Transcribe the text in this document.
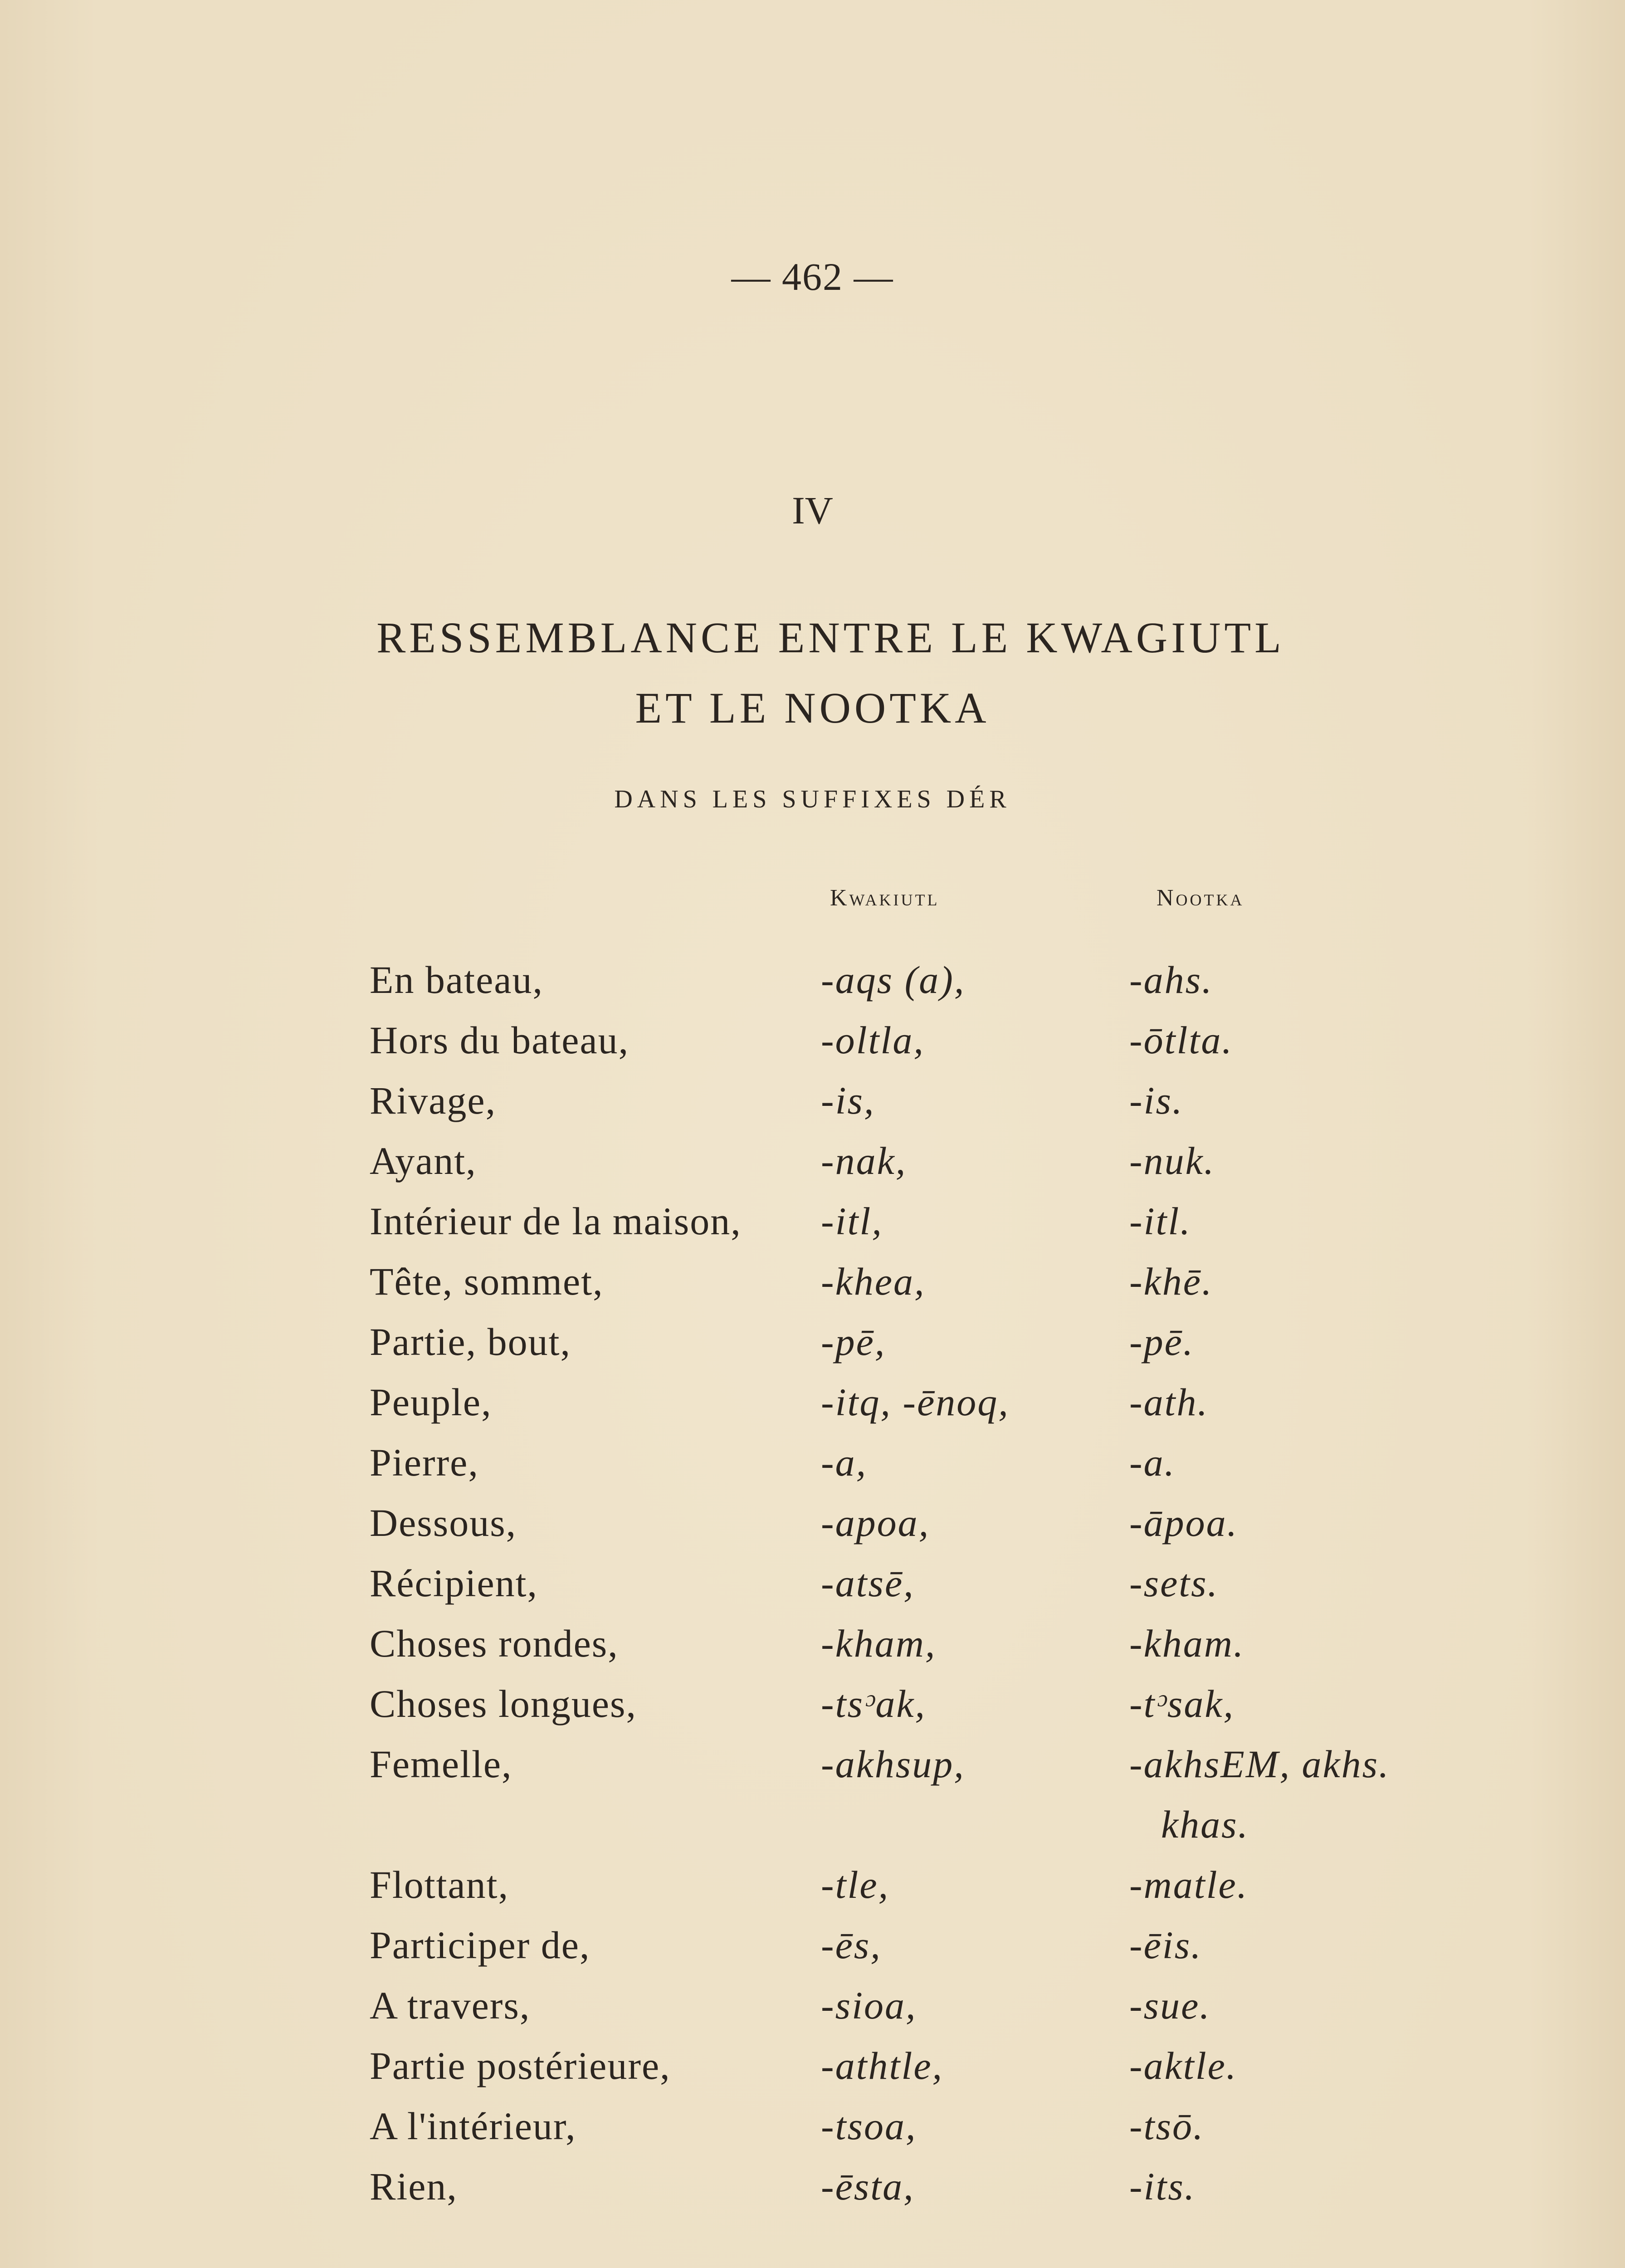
— 462 —
IV
RESSEMBLANCE ENTRE LE KWAGIUTL
ET LE NOOTKA
DANS LES SUFFIXES DÉR
Kwakiutl	Nootka
En bateau,	-aqs (a),	-ahs.
Hors du bateau,	-oltla,	-ōtlta.
Rivage,	-is,	-is.
Ayant,	-nak,	-nuk.
Intérieur de la maison, -itl,	-itl.
Tête, sommet,	-khea,	-khē.
Partie, bout,	-pē,	-pē.
Peuple,	-itq, -ēnoq,	-ath.
Pierre,	-a,	-a.
Dessous,	-apoa,	-āpoa.
Récipient,	-atsē,	-sets.
Choses rondes,	-kham,	-kham.
Choses longues,	-tsᵓak,	-tᵓsak,
Femelle,	-akhsup,	-akhsEM, akhs.
khas.
Flottant,	-tle,	-matle.
Participer de,	-ēs,	-ēis.
A travers,	-sioa,	-sue.
Partie postérieure,	-athtle,	-aktle.
A l'intérieur,	-tsoa,	-tsō.
Rien,	-ēsta,	-its.
